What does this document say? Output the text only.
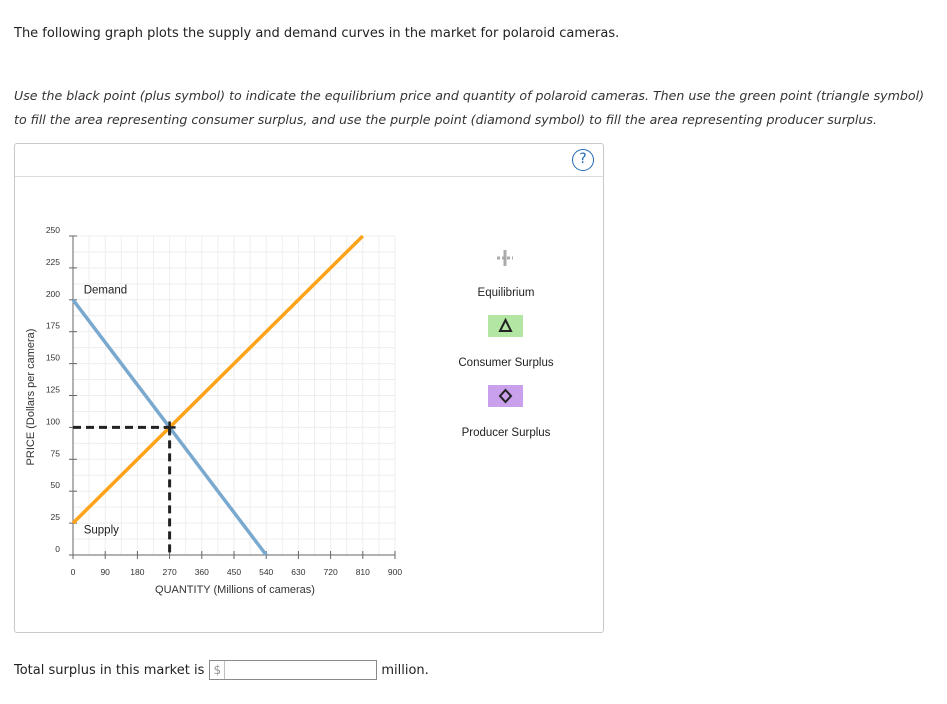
The following graph plots the supply and demand curves in the market for polaroid cameras.
Use the black point (plus symbol) to indicate the equilibrium price and quantity of polaroid cameras. Then use the green point (triangle symbol) to fill the area representing consumer surplus, and use the purple point (diamond symbol) to fill the area representing producer surplus.
?
0	90 180 270 360 450 540 630 720 810 900
0
25
50
75
100
125
150
175
200
225
250
Demand
Supply
QUANTITY (Millions of cameras)
PRICE (Dollars per camera)
Equilibrium
Consumer Surplus
Producer Surplus
Total surplus in this market is $	million.
